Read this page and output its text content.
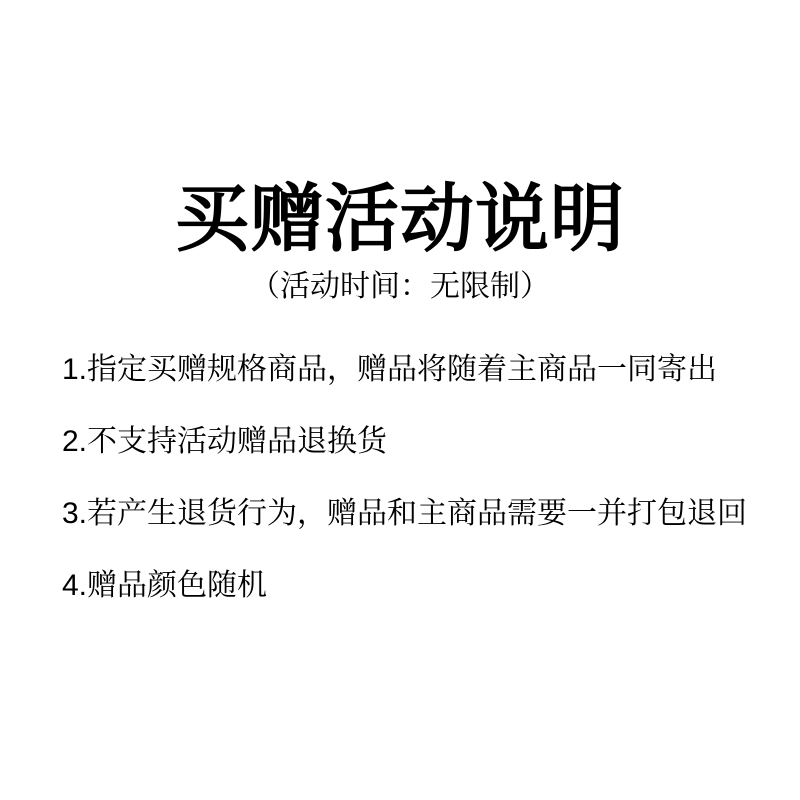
买赠活动说明

（活动时间：无限制）

1.指定买赠规格商品，赠品将随着主商品一同寄出
2.不支持活动赠品退换货
3.若产生退货行为，赠品和主商品需要一并打包退回
4.赠品颜色随机
